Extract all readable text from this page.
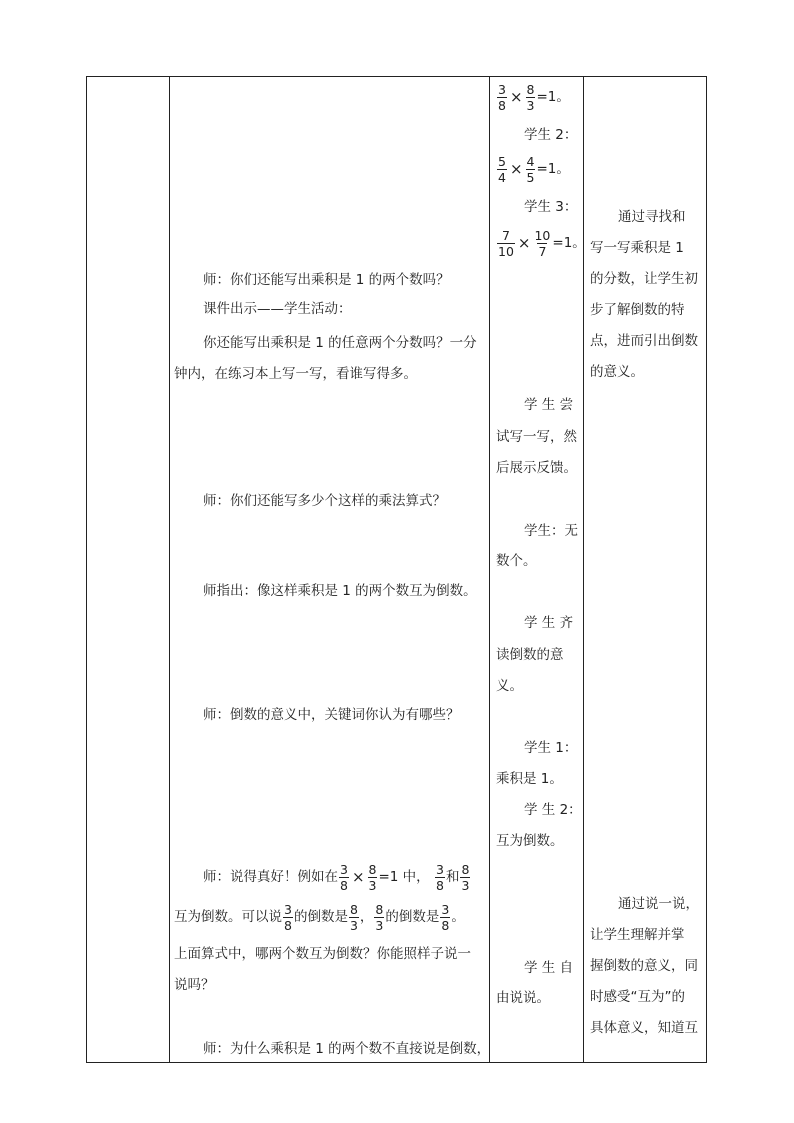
师：你们还能写出乘积是 1 的两个数吗？
课件出示——学生活动：
你还能写出乘积是 1 的任意两个分数吗？一分
钟内，在练习本上写一写，看谁写得多。
师：你们还能写多少个这样的乘法算式？
师指出：像这样乘积是 1 的两个数互为倒数。
师：倒数的意义中，关键词你认为有哪些？
师：说得真好！例如在 $\frac{3}{8} \times \frac{8}{3} =1$ 中， $\frac{3}{8}$ 和 $\frac{8}{3}$
互为倒数。可以说 $\frac{3}{8}$ 的倒数是 $\frac{8}{3}$ ， $\frac{8}{3}$ 的倒数是 $\frac{3}{8}$ 。
上面算式中，哪两个数互为倒数？你能照样子说一
说吗？
师：为什么乘积是 1 的两个数不直接说是倒数，
$\frac{3}{8} \times \frac{8}{3} =1$。
学生 2：
$\frac{5}{4} \times \frac{4}{5} =1$。
学生 3：
$\frac{7}{10} \times \frac{10}{7} =1$。
学 生 尝
试写一写，然
后展示反馈。
学生：无
数个。
学 生 齐
读倒数的意
义。
学生 1：
乘积是 1。
学 生 2：
互为倒数。
学 生 自
由说说。
通过寻找和
写一写乘积是 1
的分数，让学生初
步了解倒数的特
点，进而引出倒数
的意义。
通过说一说，
让学生理解并掌
握倒数的意义，同
时感受“互为”的
具体意义，知道互
